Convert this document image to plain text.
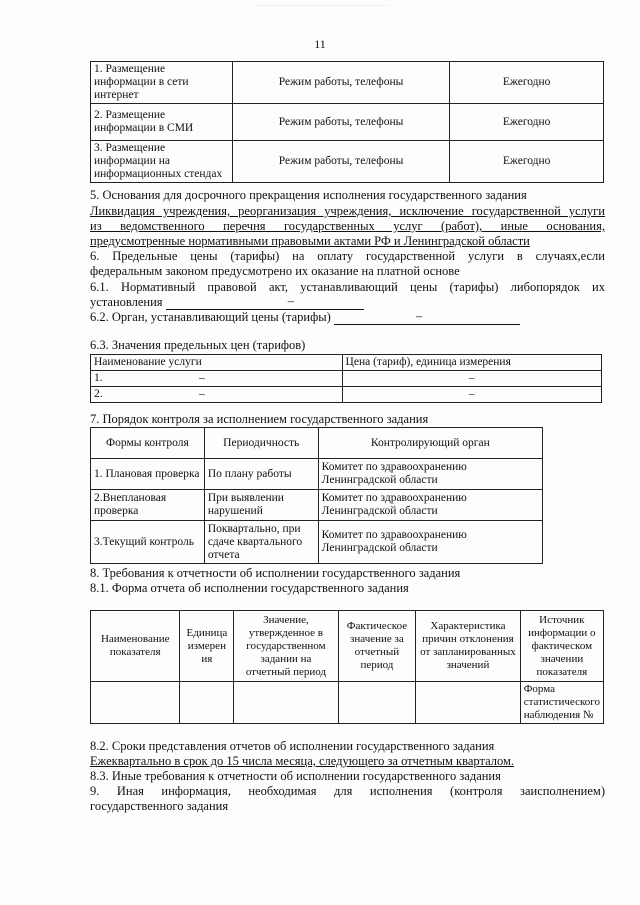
11
1. Размещение информации в сети интернет	Режим работы, телефоны	Ежегодно
2. Размещение информации в СМИ	Режим работы, телефоны	Ежегодно
3. Размещение информации на информационных стендах	Режим работы, телефоны	Ежегодно
5. Основания для досрочного прекращения исполнения государственного задания
Ликвидация учреждения, реорганизация учреждения, исключение государственной услуги
из ведомственного перечня государственных услуг (работ), иные основания,
предусмотренные нормативными правовыми актами РФ и Ленинградской области
6. Предельные цены (тарифы) на оплату государственной услуги в случаях,если
федеральным законом предусмотрено их оказание на платной основе
6.1. Нормативный правовой акт, устанавливающий цены (тарифы) либопорядок их
установления	–
6.2. Орган, устанавливающий цены (тарифы)	–
6.3. Значения предельных цен (тарифов)
Наименование услуги	Цена (тариф), единица измерения
1. –	–
2. –	–
7. Порядок контроля за исполнением государственного задания
Формы контроля	Периодичность	Контролирующий орган
1. Плановая проверка	По плану работы	Комитет по здравоохранению Ленинградской области
2.Внеплановая проверка	При выявлении нарушений	Комитет по здравоохранению Ленинградской области
3.Текущий контроль	Поквартально, при сдаче квартального отчета	Комитет по здравоохранению Ленинградской области
8. Требования к отчетности об исполнении государственного задания
8.1. Форма отчета об исполнении государственного задания
Наименование показателя	Единица измерен ия	Значение, утвержденное в государственном задании на отчетный период	Фактическое значение за отчетный период	Характеристика причин отклонения от запланированных значений	Источник информации о фактическом значении показателя
					Форма статистического наблюдения №
8.2. Сроки представления отчетов об исполнении государственного задания
Ежеквартально в срок до 15 числа месяца, следующего за отчетным кварталом.
8.3. Иные требования к отчетности об исполнении государственного задания
9. Иная информация, необходимая для исполнения (контроля заисполнением)
государственного задания
